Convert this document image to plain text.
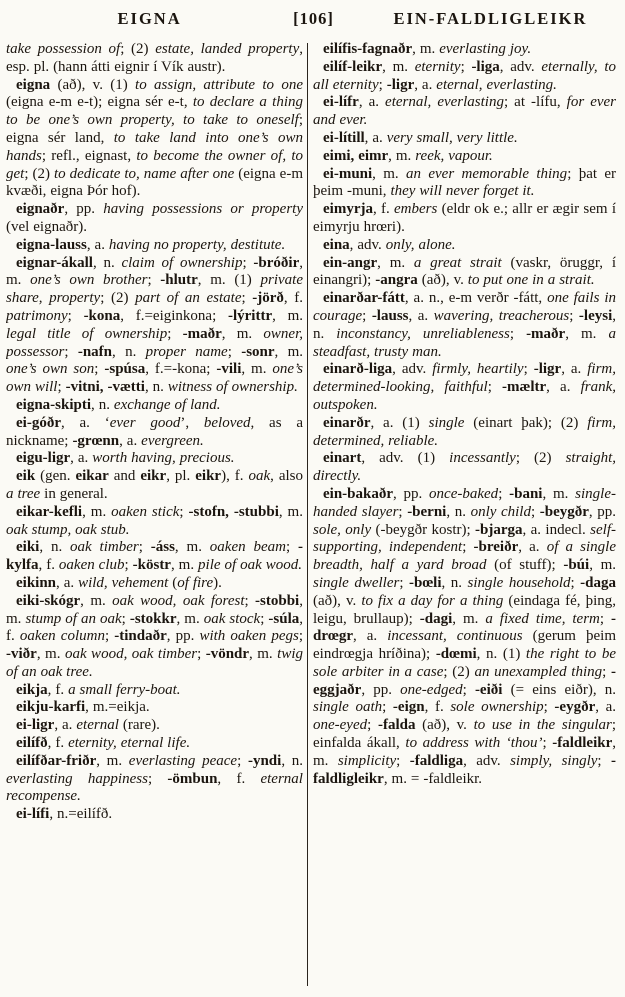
EIGNA	[106]	EIN-FALDLIGLEIKR

take possession of; (2) estate, landed property, esp. pl. (hann átti eignir í Vík austr).

eigna (að), v. (1) to assign, attribute to one (eigna e-m e-t); eigna sér e-t, to declare a thing to be one’s own property, to take to oneself; eigna sér land, to take land into one’s own hands; refl., eignast, to become the owner of, to get; (2) to dedicate to, name after one (eigna e-m kvæði, eigna Þór hof).

eignaðr, pp. having possessions or property (vel eignaðr).

eigna-lauss, a. having no property, destitute.

eignar-ákall, n. claim of ownership; -bróðir, m. one’s own brother; -hlutr, m. (1) private share, property; (2) part of an estate; -jörð, f. patrimony; -kona, f.=eiginkona; -lýrittr, m. legal title of ownership; -maðr, m. owner, possessor; -nafn, n. proper name; -sonr, m. one’s own son; -spúsa, f.=-kona; -vili, m. one’s own will; -vitni, -vætti, n. witness of ownership.

eigna-skipti, n. exchange of land.

ei-góðr, a. ‘ever good’, beloved, as a nickname; -grœnn, a. evergreen.

eigu-ligr, a. worth having, precious.

eik (gen. eikar and eikr, pl. eikr), f. oak, also a tree in general.

eikar-kefli, m. oaken stick; -stofn, -stubbi, m. oak stump, oak stub.

eiki, n. oak timber; -áss, m. oaken beam; -kylfa, f. oaken club; -köstr, m. pile of oak wood.

eikinn, a. wild, vehement (of fire).

eiki-skógr, m. oak wood, oak forest; -stobbi, m. stump of an oak; -stokkr, m. oak stock; -súla, f. oaken column; -tindaðr, pp. with oaken pegs; -viðr, m. oak wood, oak timber; -vöndr, m. twig of an oak tree.

eikja, f. a small ferry-boat.

eikju-karfi, m.=eikja.

ei-ligr, a. eternal (rare).

eilífð, f. eternity, eternal life.

eilífðar-friðr, m. everlasting peace; -yndi, n. everlasting happiness; -ömbun, f. eternal recompense.

ei-lífi, n.=eilífð.

eilífis-fagnaðr, m. everlasting joy.

eilíf-leikr, m. eternity; -liga, adv. eternally, to all eternity; -ligr, a. eternal, everlasting.

ei-lífr, a. eternal, everlasting; at -lífu, for ever and ever.

ei-lítill, a. very small, very little.

eimi, eimr, m. reek, vapour.

ei-muni, m. an ever memorable thing; þat er þeim -muni, they will never forget it.

eimyrja, f. embers (eldr ok e.; allr er ægir sem í eimyrju hrœri).

eina, adv. only, alone.

ein-angr, m. a great strait (vaskr, öruggr, í einangri); -angra (að), v. to put one in a strait.

einarðar-fátt, a. n., e-m verðr -fátt, one fails in courage; -lauss, a. wavering, treacherous; -leysi, n. inconstancy, unreliableness; -maðr, m. a steadfast, trusty man.

einarð-liga, adv. firmly, heartily; -ligr, a. firm, determined-looking, faithful; -mæltr, a. frank, outspoken.

einarðr, a. (1) single (einart þak); (2) firm, determined, reliable.

einart, adv. (1) incessantly; (2) straight, directly.

ein-bakaðr, pp. once-baked; -bani, m. single-handed slayer; -berni, n. only child; -beygðr, pp. sole, only (-beygðr kostr); -bjarga, a. indecl. self-supporting, independent; -breiðr, a. of a single breadth, half a yard broad (of stuff); -búi, m. single dweller; -bœli, n. single household; -daga (að), v. to fix a day for a thing (eindaga fé, þing, leigu, brullaup); -dagi, m. a fixed time, term; -drœgr, a. incessant, continuous (gerum þeim eindrœgja hríðina); -dœmi, n. (1) the right to be sole arbiter in a case; (2) an unexampled thing; -eggjaðr, pp. one-edged; -eiði (= eins eiðr), n. single oath; -eign, f. sole ownership; -eygðr, a. one-eyed; -falda (að), v. to use in the singular; einfalda ákall, to address with ‘thou’; -faldleikr, m. simplicity; -faldliga, adv. simply, singly; -faldligleikr, m. = -faldleikr.
